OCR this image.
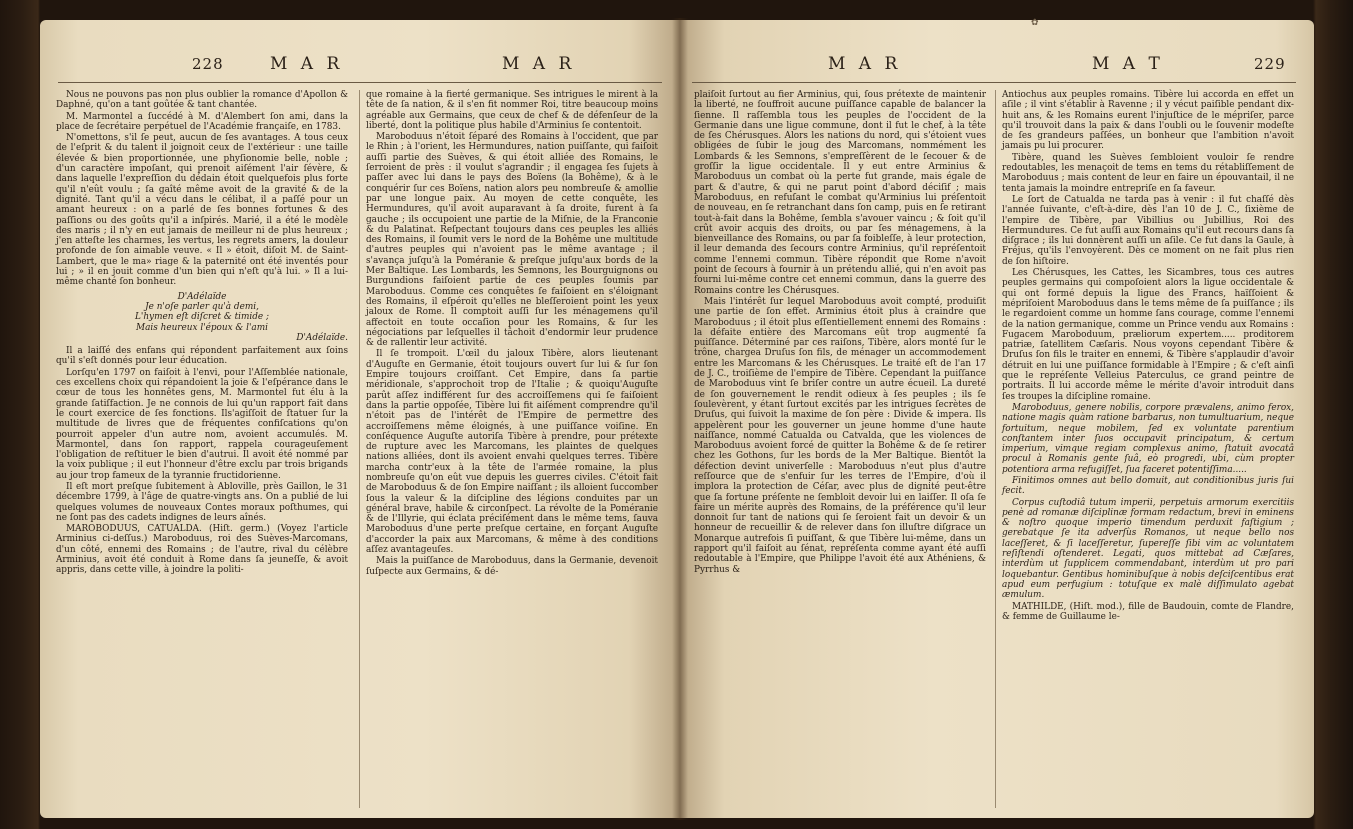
228	M A R	M A R

Nous ne pouvons pas non plus oublier la romance d'Apollon & Daphné, qu'on a tant goûtée & tant chantée.

M. Marmontel a ſuccédé à M. d'Alembert ſon ami, dans la place de ſecrétaire perpétuel de l'Académie françaiſe, en 1783.

N'omettons, s'il ſe peut, aucun de ſes avantages. A tous ceux de l'eſprit & du talent il joignoit ceux de l'extérieur : une taille élevée & bien proportionnée, une phyſionomie belle, noble ; d'un caractère impoſant, qui prenoit aiſément l'air ſévère, & dans laquelle l'expreſſion du dédain étoit quelquefois plus forte qu'il n'eût voulu ; ſa gaîté même avoit de la gravité & de la dignité. Tant qu'il a vécu dans le célibat, il a paſſé pour un amant heureux : on a parlé de ſes bonnes fortunes & des paſſions ou des goûts qu'il a inſpirés. Marié, il a été le modèle des maris ; il n'y en eut jamais de meilleur ni de plus heureux ; j'en atteſte les charmes, les vertus, les regrets amers, la douleur profonde de ſon aimable veuve. « Il » étoit, diſoit M. de Saint-Lambert, que le ma» riage & la paternité ont été inventés pour lui ; » il en jouit comme d'un bien qui n'eſt qu'à lui. » Il a lui-même chanté ſon bonheur.

D'Adélaïde

Je n'oſe parler qu'à demi,

L'hymen eſt diſcret & timide ;

Mais heureux l'époux & l'ami

D'Adélaïde.

Il a laiſſé des enfans qui répondent parfaitement aux ſoins qu'il s'eſt donnés pour leur éducation.

Lorſqu'en 1797 on faiſoit à l'envi, pour l'Aſſemblée nationale, ces excellens choix qui répandoient la joie & l'eſpérance dans le cœur de tous les honnêtes gens, M. Marmontel fut élu à la grande ſatiſfaction. Je ne connois de lui qu'un rapport fait dans le court exercice de ſes fonctions. Ils'agiſſoit de ſtatuer ſur la multitude de livres que de fréquentes confiſcations qu'on pourroit appeler d'un autre nom, avoient accumulés. M. Marmontel, dans ſon rapport, rappela courageuſement l'obligation de reſtituer le bien d'autrui. Il avoit été nommé par la voix publique ; il eut l'honneur d'être exclu par trois brigands au jour trop fameux de la tyrannie fructidorienne.

Il eſt mort preſque ſubitement à Abloville, près Gaillon, le 31 décembre 1799, à l'âge de quatre-vingts ans. On a publié de lui quelques volumes de nouveaux Contes moraux poſthumes, qui ne ſont pas des cadets indignes de leurs aînés.

MAROBODUUS, CATUALDA. (Hiſt. germ.) (Voyez l'article Arminius ci-deſſus.) Maroboduus, roi des Suèves-Marcomans, d'un côté, ennemi des Romains ; de l'autre, rival du célèbre Arminius, avoit été conduit à Rome dans ſa jeuneſſe, & avoit appris, dans cette ville, à joindre la politi-

que romaine à la fierté germanique. Ses intrigues le mirent à la tête de ſa nation, & il s'en fit nommer Roi, titre beaucoup moins agréable aux Germains, que ceux de chef & de défenſeur de la liberté, dont la politique plus habile d'Arminius ſe contentoit.

Maroboduus n'étoit ſéparé des Romains à l'occident, que par le Rhin ; à l'orient, les Hermundures, nation puiſſante, qui faiſoit auſſi partie des Suèves, & qui étoit alliée des Romains, le ſerroient de près : il voulut s'agrandir ; il engagea ſes ſujets à paſſer avec lui dans le pays des Boïens (la Bohême), & à le conquérir ſur ces Boïens, nation alors peu nombreuſe & amollie par une longue paix. Au moyen de cette conquête, les Hermundures, qu'il avoit auparavant à ſa droite, furent à ſa gauche ; ils occupoient une partie de la Miſnie, de la Franconie & du Palatinat. Reſpectant toujours dans ces peuples les alliés des Romains, il ſoumit vers le nord de la Bohême une multitude d'autres peuples qui n'avoient pas le même avantage ; il s'avança juſqu'à la Poméranie & preſque juſqu'aux bords de la Mer Baltique. Les Lombards, les Semnons, les Bourguignons ou Burgundions faiſoient partie de ces peuples ſoumis par Maroboduus. Comme ces conquêtes ſe faiſoient en s'éloignant des Romains, il eſpéroit qu'elles ne bleſſeroient point les yeux jaloux de Rome. Il comptoit auſſi ſur les ménagemens qu'il affectoit en toute occaſion pour les Romains, & ſur les négociations par leſquelles il tâchoit d'endormir leur prudence & de rallentir leur activité.

Il ſe trompoit. L'œil du jaloux Tibère, alors lieutenant d'Auguſte en Germanie, étoit toujours ouvert ſur lui & ſur ſon Empire toujours croiſſant. Cet Empire, dans ſa partie méridionale, s'approchoit trop de l'Italie ; & quoiqu'Auguſte parût aſſez indifférent ſur des accroiſſemens qui ſe faiſoient dans la partie oppoſée, Tibère lui fit aiſément comprendre qu'il n'étoit pas de l'intérêt de l'Empire de permettre des accroiſſemens même éloignés, à une puiſſance voiſine. En conſéquence Auguſte autoriſa Tibère à prendre, pour prétexte de rupture avec les Marcomans, les plaintes de quelques nations alliées, dont ils avoient envahi quelques terres. Tibère marcha contr'eux à la tête de l'armée romaine, la plus nombreuſe qu'on eût vue depuis les guerres civiles. C'étoit fait de Maroboduus & de ſon Empire naiſſant ; ils alloient ſuccomber ſous la valeur & la diſcipline des légions conduites par un général brave, habile & circonſpect. La révolte de la Poméranie & de l'Illyrie, qui éclata préciſément dans le même tems, ſauva Maroboduus d'une perte preſque certaine, en forçant Auguſte d'accorder la paix aux Marcomans, & même à des conditions aſſez avantageuſes.

Mais la puiſſance de Maroboduus, dans la Germanie, devenoit ſuſpecte aux Germains, & dé-

M A R	M A T	229

plaiſoit ſurtout au fier Arminius, qui, ſous prétexte de maintenir la liberté, ne ſouffroit aucune puiſſance capable de balancer la ſienne. Il raſſembla tous les peuples de l'occident de la Germanie dans une ligue commune, dont il fut le chef, à la tête de ſes Chérusques. Alors les nations du nord, qui s'étoient vues obligées de ſubir le joug des Marcomans, nommément les Lombards & les Semnons, s'empreſſèrent de le ſecouer & de groſſir la ligue occidentale. Il y eut entre Arminius & Maroboduus un combat où la perte fut grande, mais égale de part & d'autre, & qui ne parut point d'abord déciſif ; mais Maroboduus, en refuſant le combat qu'Arminius lui préſentoit de nouveau, en ſe retranchant dans ſon camp, puis en ſe retirant tout-à-fait dans la Bohême, ſembla s'avouer vaincu ; & ſoit qu'il crût avoir acquis des droits, ou par ſes ménagemens, à la bienveillance des Romains, ou par ſa foibleſſe, à leur protection, il leur demanda des ſecours contre Arminius, qu'il repréſentoit comme l'ennemi commun. Tibère répondit que Rome n'avoit point de ſecours à fournir à un prétendu allié, qui n'en avoit pas fourni lui-même contre cet ennemi commun, dans la guerre des Romains contre les Chérusques.

Mais l'intérêt ſur lequel Maroboduus avoit compté, produiſit une partie de ſon effet. Arminius étoit plus à craindre que Maroboduus ; il étoit plus eſſentiellement ennemi des Romains : la défaite entière des Marcomans eût trop augmenté ſa puiſſance. Déterminé par ces raiſons, Tibère, alors monté ſur le trône, chargea Druſus ſon fils, de ménager un accommodement entre les Marcomans & les Chérusques. Le traité eſt de l'an 17 de J. C., troiſième de l'empire de Tibère. Cependant la puiſſance de Maroboduus vint ſe briſer contre un autre écueil. La dureté de ſon gouvernement le rendit odieux à ſes peuples ; ils ſe ſoulevèrent, y étant ſurtout excités par les intrigues ſecrètes de Druſus, qui ſuivoit la maxime de ſon père : Divide & impera. Ils appelèrent pour les gouverner un jeune homme d'une haute naiſſance, nommé Catualda ou Catvalda, que les violences de Maroboduus avoient forcé de quitter la Bohême & de ſe retirer chez les Gothons, ſur les bords de la Mer Baltique. Bientôt la défection devint univerſelle : Maroboduus n'eut plus d'autre reſſource que de s'enfuir ſur les terres de l'Empire, d'où il implora la protection de Céſar, avec plus de dignité peut-être que ſa fortune préſente ne ſembloit devoir lui en laiſſer. Il oſa ſe faire un mérite auprès des Romains, de la préférence qu'il leur donnoit ſur tant de nations qui ſe ſeroient fait un devoir & un honneur de recueillir & de relever dans ſon illuſtre diſgrace un Monarque autrefois ſi puiſſant, & que Tibère lui-même, dans un rapport qu'il faiſoit au ſénat, repréſenta comme ayant été auſſi redoutable à l'Empire, que Philippe l'avoit été aux Athéniens, & Pyrrhus &

Antiochus aux peuples romains. Tibère lui accorda en effet un aſile ; il vint s'établir à Ravenne ; il y vécut paiſible pendant dix-huit ans, & les Romains eurent l'injuſtice de le mépriſer, parce qu'il trouvoit dans la paix & dans l'oubli ou le ſouvenir modeſte de ſes grandeurs paſſées, un bonheur que l'ambition n'avoit jamais pu lui procurer.

Tibère, quand les Suèves ſembloient vouloir ſe rendre redoutables, les menaçoit de tems en tems du rétabliſſement de Maroboduus ; mais content de leur en faire un épouvantail, il ne tenta jamais la moindre entrepriſe en ſa faveur.

Le ſort de Catualda ne tarda pas à venir : il fut chaſſé dès l'année ſuivante, c'eſt-à-dire, dès l'an 10 de J. C., ſixième de l'empire de Tibère, par Vibillius ou Jubillius, Roi des Hermundures. Ce fut auſſi aux Romains qu'il eut recours dans ſa diſgrace ; ils lui donnèrent auſſi un aſile. Ce fut dans la Gaule, à Fréjus, qu'ils l'envoyèrent. Dès ce moment on ne fait plus rien de ſon hiſtoire.

Les Chérusques, les Cattes, les Sicambres, tous ces autres peuples germains qui compoſoient alors la ligue occidentale & qui ont formé depuis la ligue des Francs, haïſſoient & mépriſoient Maroboduus dans le tems même de ſa puiſſance ; ils le regardoient comme un homme ſans courage, comme l'ennemi de la nation germanique, comme un Prince vendu aux Romains : Fugacem Maroboduum, præliorum expertem..... proditorem patriæ, ſatellitem Cæſaris. Nous voyons cependant Tibère & Druſus ſon fils le traiter en ennemi, & Tibère s'applaudir d'avoir détruit en lui une puiſſance formidable à l'Empire ; & c'eſt ainſi que le repréſente Velleius Paterculus, ce grand peintre de portraits. Il lui accorde même le mérite d'avoir introduit dans ſes troupes la diſcipline romaine.

Maroboduus, genere nobilis, corpore prævalens, animo ferox, natione magis quàm ratione barbarus, non tumultuarium, neque fortuitum, neque mobilem, ſed ex voluntate parentium conſtantem inter ſuos occupavit principatum, & certum imperium, vimque regiam complexus animo, ſtatuit avocatâ procul à Romanis gente ſuâ, eò progredi, ubi, cùm propter potentiora arma refugiſſet, ſua faceret potentiſſima.....

Finitimos omnes aut bello domuit, aut conditionibus juris ſui fecit.

Corpus cuſtodiâ tutum imperii, perpetuis armorum exercitiis penè ad romanæ diſciplinæ formam redactum, brevi in eminens & noſtro quoque imperio timendum perduxit faſtigium ; gerebatque ſe ita adverſùs Romanos, ut neque bello nos laceſſeret, & ſi laceſſeretur, ſupereſſe ſibi vim ac voluntatem reſiſtendi oſtenderet. Legati, quos mittebat ad Cæſares, interdùm ut ſupplicem commendabant, interdùm ut pro pari loquebantur. Gentibus hominibuſque à nobis deſciſcentibus erat apud eum perfugium : totuſque ex malè diſſimulato agebat æmulum.

MATHILDE, (Hiſt. mod.), fille de Baudouin, comte de Flandre, & femme de Guillaume le-

✿
